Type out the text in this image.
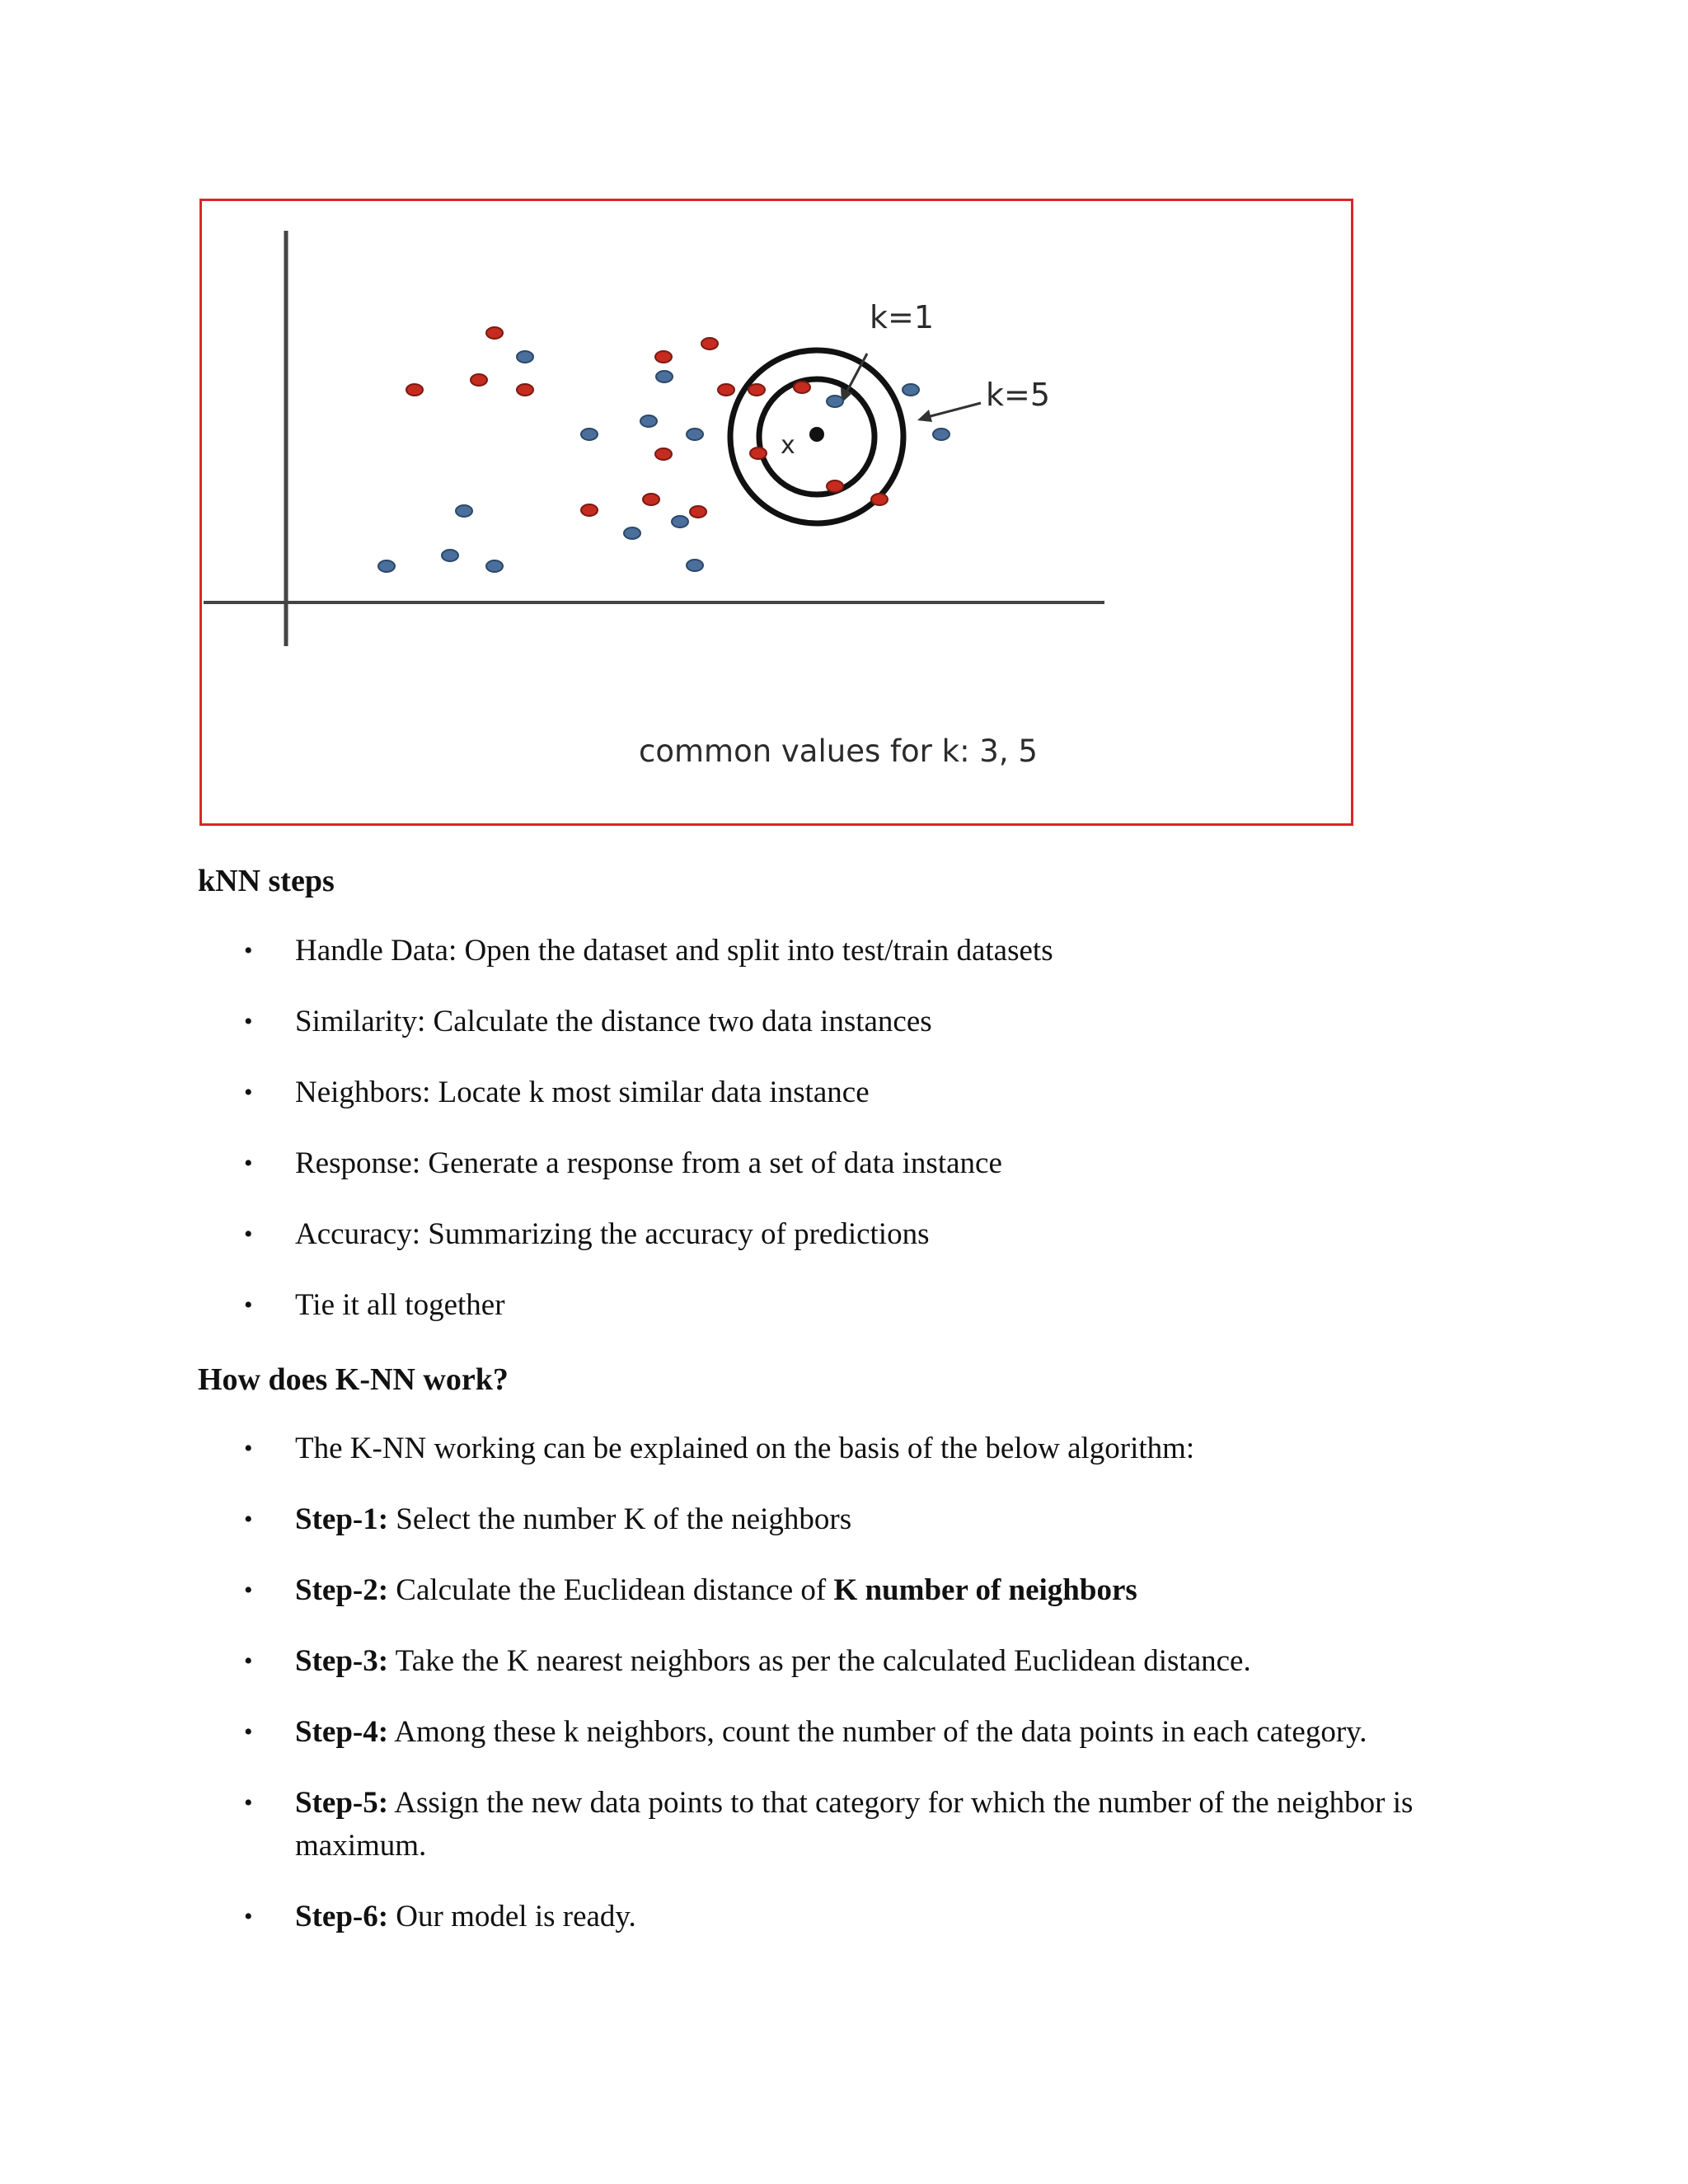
x
k=1
k=5
common values for k: 3, 5
kNN steps
• Handle Data: Open the dataset and split into test/train datasets
• Similarity: Calculate the distance two data instances
• Neighbors: Locate k most similar data instance
• Response: Generate a response from a set of data instance
• Accuracy: Summarizing the accuracy of predictions
• Tie it all together
How does K-NN work?
• The K-NN working can be explained on the basis of the below algorithm:
• Step-1: Select the number K of the neighbors
• Step-2: Calculate the Euclidean distance of K number of neighbors
• Step-3: Take the K nearest neighbors as per the calculated Euclidean distance.
• Step-4: Among these k neighbors, count the number of the data points in each category.
• Step-5: Assign the new data points to that category for which the number of the neighbor is maximum.
• Step-6: Our model is ready.
